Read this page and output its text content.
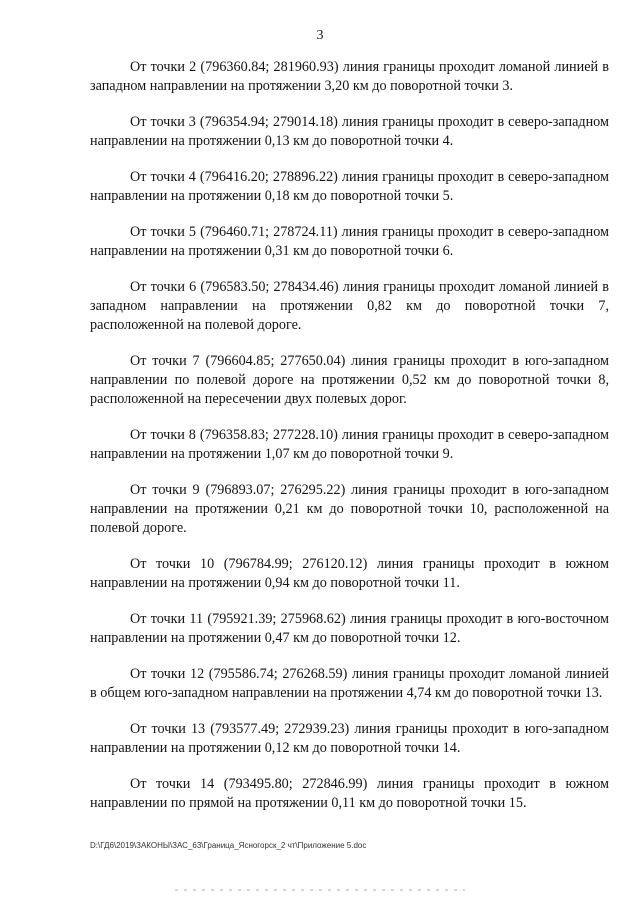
3

От точки 2 (796360.84; 281960.93) линия границы проходит ломаной линией в западном направлении на протяжении 3,20 км до поворотной точки 3.

От точки 3 (796354.94; 279014.18) линия границы проходит в северо-западном направлении на протяжении 0,13 км до поворотной точки 4.

От точки 4 (796416.20; 278896.22) линия границы проходит в северо-западном направлении на протяжении 0,18 км до поворотной точки 5.

От точки 5 (796460.71; 278724.11) линия границы проходит в северо-западном направлении на протяжении 0,31 км до поворотной точки 6.

От точки 6 (796583.50; 278434.46) линия границы проходит ломаной линией в западном направлении на протяжении 0,82 км до поворотной точки 7, расположенной на полевой дороге.

От точки 7 (796604.85; 277650.04) линия границы проходит в юго-западном направлении по полевой дороге на протяжении 0,52 км до поворотной точки 8, расположенной на пересечении двух полевых дорог.

От точки 8 (796358.83; 277228.10) линия границы проходит в северо-западном направлении на протяжении 1,07 км до поворотной точки 9.

От точки 9 (796893.07; 276295.22) линия границы проходит в юго-западном направлении на протяжении 0,21 км до поворотной точки 10, расположенной на полевой дороге.

От точки 10 (796784.99; 276120.12) линия границы проходит в южном направлении на протяжении 0,94 км до поворотной точки 11.

От точки 11 (795921.39; 275968.62) линия границы проходит в юго-восточном направлении на протяжении 0,47 км до поворотной точки 12.

От точки 12 (795586.74; 276268.59) линия границы проходит ломаной линией в общем юго-западном направлении на протяжении 4,74 км до поворотной точки 13.

От точки 13 (793577.49; 272939.23) линия границы проходит в юго-западном направлении на протяжении 0,12 км до поворотной точки 14.

От точки 14 (793495.80; 272846.99) линия границы проходит в южном направлении по прямой на протяжении 0,11 км до поворотной точки 15.

D:\ГД6\2019\ЗАКОНЫ\ЗАС_63\Граница_Ясногорск_2 чт\Приложение 5.doc
